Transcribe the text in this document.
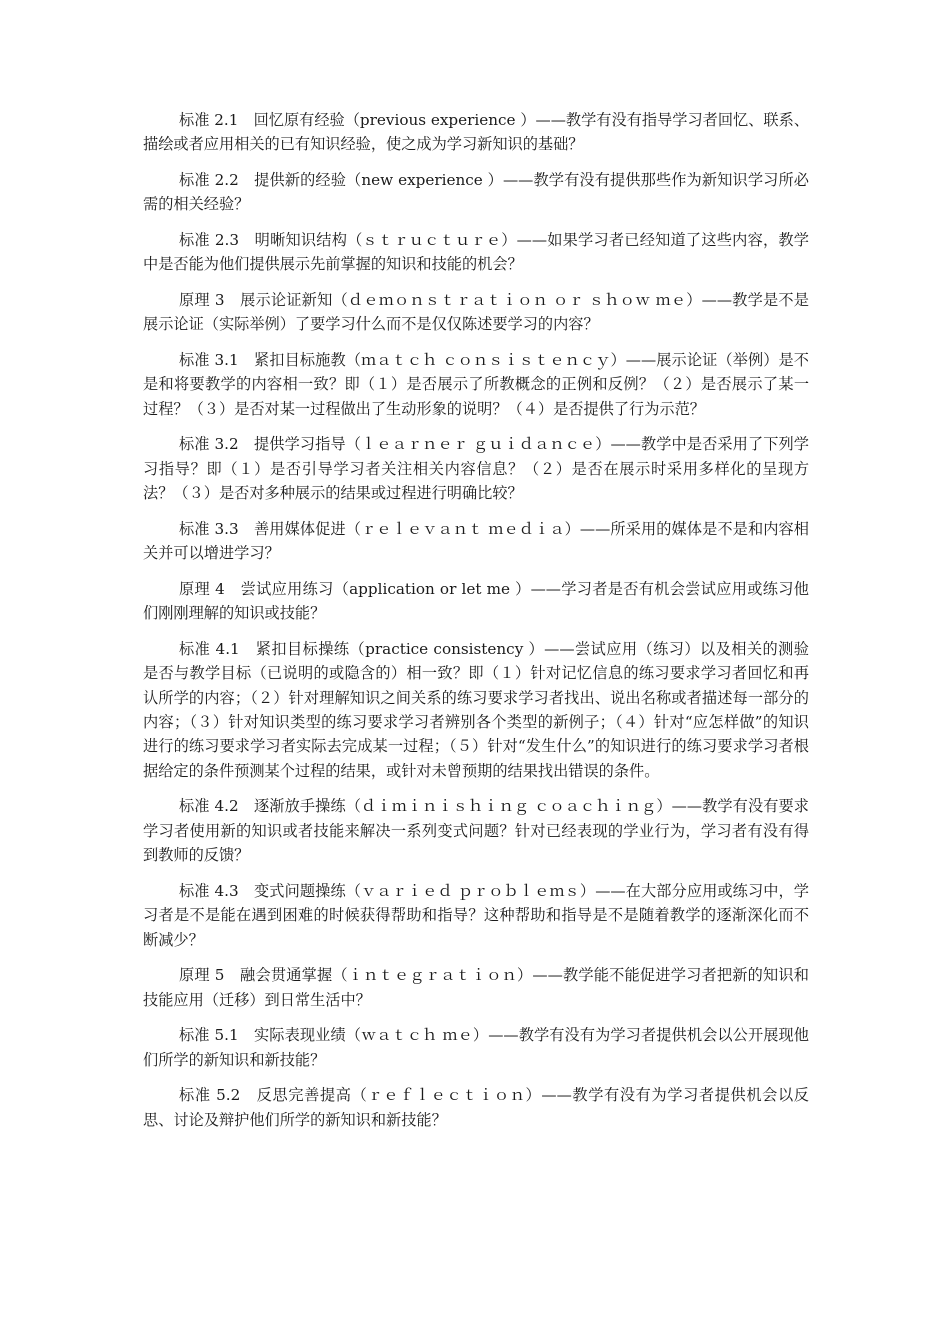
标准 2.1　回忆原有经验（previous experience ）——教学有没有指导学习者回忆、联系、描绘或者应用相关的已有知识经验，使之成为学习新知识的基础？

标准 2.2　提供新的经验（new experience ）——教学有没有提供那些作为新知识学习所必需的相关经验？

标准 2.3　明晰知识结构（ｓｔｒｕｃｔｕｒｅ）——如果学习者已经知道了这些内容，教学中是否能为他们提供展示先前掌握的知识和技能的机会？

原理 3　展示论证新知（ｄｅｍｏｎｓｔｒａｔｉｏｎ ｏｒ ｓｈｏｗ ｍｅ）——教学是不是展示论证（实际举例）了要学习什么而不是仅仅陈述要学习的内容？

标准 3.1　紧扣目标施教（ｍａｔｃｈ ｃｏｎｓｉｓｔｅｎｃｙ）——展示论证（举例）是不是和将要教学的内容相一致？即（１）是否展示了所教概念的正例和反例？（２）是否展示了某一过程？（３）是否对某一过程做出了生动形象的说明？（４）是否提供了行为示范？

标准 3.2　提供学习指导（ｌｅａｒｎｅｒ ｇｕｉｄａｎｃｅ）——教学中是否采用了下列学习指导？即（１）是否引导学习者关注相关内容信息？（２）是否在展示时采用多样化的呈现方法？（３）是否对多种展示的结果或过程进行明确比较？

标准 3.3　善用媒体促进（ｒｅｌｅｖａｎｔ ｍｅｄｉａ）——所采用的媒体是不是和内容相关并可以增进学习？

原理 4　尝试应用练习（application or let me ）——学习者是否有机会尝试应用或练习他们刚刚理解的知识或技能？

标准 4.1　紧扣目标操练（practice consistency ）——尝试应用（练习）以及相关的测验是否与教学目标（已说明的或隐含的）相一致？即（１）针对记忆信息的练习要求学习者回忆和再认所学的内容；（２）针对理解知识之间关系的练习要求学习者找出、说出名称或者描述每一部分的内容；（３）针对知识类型的练习要求学习者辨别各个类型的新例子；（４）针对“应怎样做”的知识进行的练习要求学习者实际去完成某一过程；（５）针对“发生什么”的知识进行的练习要求学习者根据给定的条件预测某个过程的结果，或针对未曾预期的结果找出错误的条件。

标准 4.2　逐渐放手操练（ｄｉｍｉｎｉｓｈｉｎｇ ｃｏａｃｈｉｎｇ）——教学有没有要求学习者使用新的知识或者技能来解决一系列变式问题？针对已经表现的学业行为，学习者有没有得到教师的反馈？

标准 4.3　变式问题操练（ｖａｒｉｅｄ ｐｒｏｂｌｅｍｓ）——在大部分应用或练习中，学习者是不是能在遇到困难的时候获得帮助和指导？这种帮助和指导是不是随着教学的逐渐深化而不断减少？

原理 5　融会贯通掌握（ｉｎｔｅｇｒａｔｉｏｎ）——教学能不能促进学习者把新的知识和技能应用（迁移）到日常生活中？

标准 5.1　实际表现业绩（ｗａｔｃｈ ｍｅ）——教学有没有为学习者提供机会以公开展现他们所学的新知识和新技能？

标准 5.2　反思完善提高（ｒｅｆｌｅｃｔｉｏｎ）——教学有没有为学习者提供机会以反思、讨论及辩护他们所学的新知识和新技能？
